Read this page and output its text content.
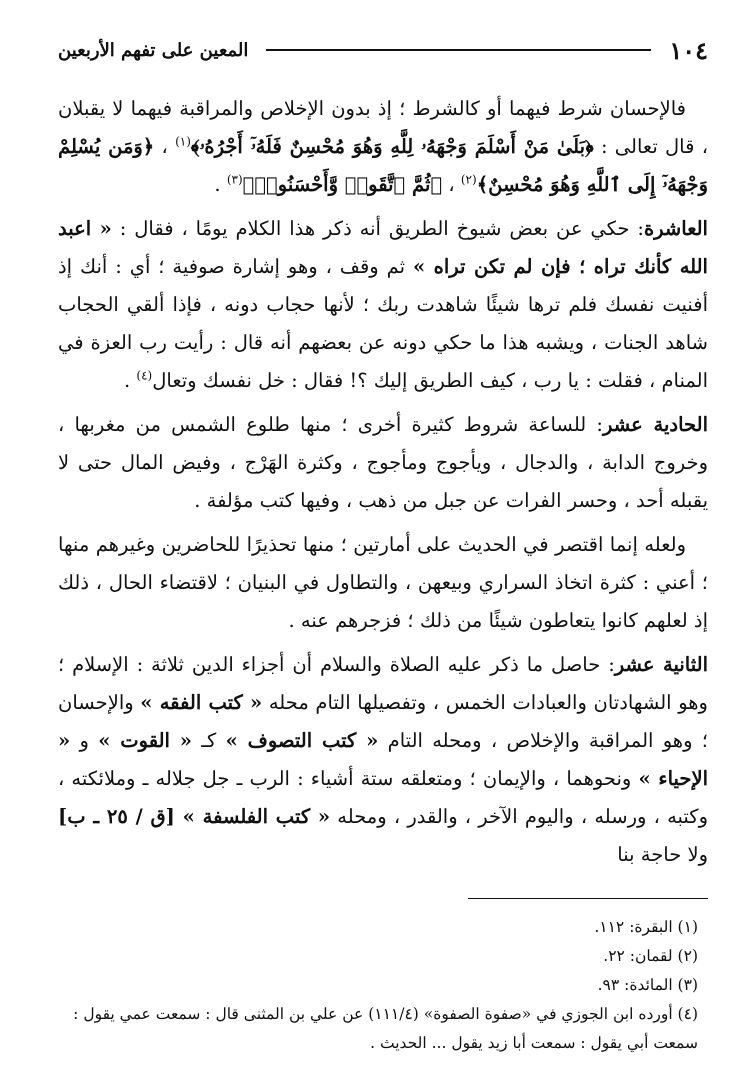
١٠٤
المعين على تفهم الأربعين

فالإحسان شرط فيهما أو كالشرط ؛ إذ بدون الإخلاص والمراقبة فيهما لا يقبلان ، قال تعالى : ﴿بَلَىٰ مَنْ أَسْلَمَ وَجْهَهُۥ لِلَّهِ وَهُوَ مُحْسِنٌ فَلَهُۥٓ أَجْرُهُۥ﴾$^{(١)}$ ، ﴿وَمَن يُسْلِمْ وَجْهَهُۥٓ إِلَى ٱللَّهِ وَهُوَ مُحْسِنٌ﴾$^{(٢)}$ ، ﴿ثُمَّ ٱتَّقَوا۟ وَّأَحْسَنُوا۟﴾$^{(٣)}$ .

العاشرة: حكي عن بعض شيوخ الطريق أنه ذكر هذا الكلام يومًا ، فقال : « اعبد الله كأنك تراه ؛ فإن لم تكن تراه » ثم وقف ، وهو إشارة صوفية ؛ أي : أنك إذ أفنيت نفسك فلم ترها شيئًا شاهدت ربك ؛ لأنها حجاب دونه ، فإذا ألقي الحجاب شاهد الجنات ، ويشبه هذا ما حكي دونه عن بعضهم أنه قال : رأيت رب العزة في المنام ، فقلت : يا رب ، كيف الطريق إليك ؟! فقال : خل نفسك وتعال$^{(٤)}$ .

الحادية عشر: للساعة شروط كثيرة أخرى ؛ منها طلوع الشمس من مغربها ، وخروج الدابة ، والدجال ، ويأجوج ومأجوج ، وكثرة الهَرْج ، وفيض المال حتى لا يقبله أحد ، وحسر الفرات عن جبل من ذهب ، وفيها كتب مؤلفة .

ولعله إنما اقتصر في الحديث على أمارتين ؛ منها تحذيرًا للحاضرين وغيرهم منها ؛ أعني : كثرة اتخاذ السراري وبيعهن ، والتطاول في البنيان ؛ لاقتضاء الحال ، ذلك إذ لعلهم كانوا يتعاطون شيئًا من ذلك ؛ فزجرهم عنه .

الثانية عشر: حاصل ما ذكر عليه الصلاة والسلام أن أجزاء الدين ثلاثة : الإسلام ؛ وهو الشهادتان والعبادات الخمس ، وتفصيلها التام محله « كتب الفقه » والإحسان ؛ وهو المراقبة والإخلاص ، ومحله التام « كتب التصوف » كـ « القوت » و « الإحياء » ونحوهما ، والإيمان ؛ ومتعلقه ستة أشياء : الرب ـ جل جلاله ـ وملائكته ، وكتبه ، ورسله ، واليوم الآخر ، والقدر ، ومحله « كتب الفلسفة » [ق / ٢٥ ـ ب] ولا حاجة بنا

(١) البقرة: ١١٢.
(٢) لقمان: ٢٢.
(٣) المائدة: ٩٣.
(٤) أورده ابن الجوزي في «صفوة الصفوة» (١١١/٤) عن علي بن المثنى قال : سمعت عمي يقول : سمعت أبي يقول : سمعت أبا زيد يقول ... الحديث .
